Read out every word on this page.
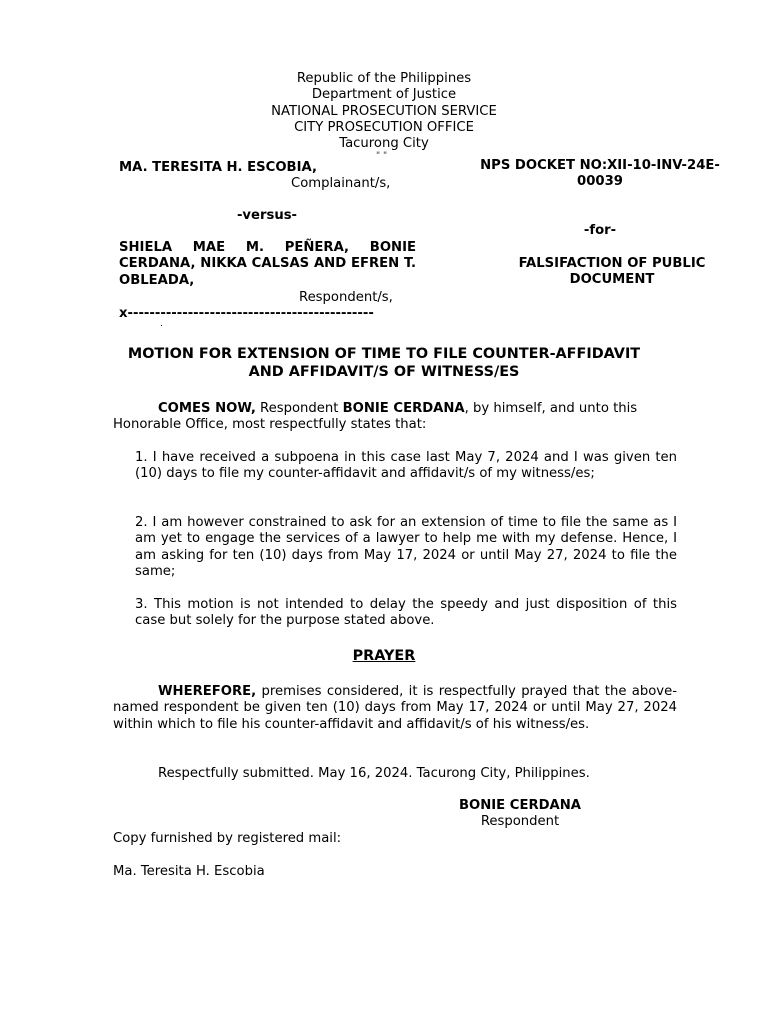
Republic of the Philippines
Department of Justice
NATIONAL PROSECUTION SERVICE
CITY PROSECUTION OFFICE
Tacurong City
" "
MA. TERESITA H. ESCOBIA,
Complainant/s,
-versus-
SHIELA MAE M. PEÑERA, BONIE CERDANA, NIKKA CALSAS AND EFREN T. OBLEADA,
Respondent/s,
x---------------------------------------------
.
NPS DOCKET NO:XII-10-INV-24E-00039
-for-
FALSIFACTION OF PUBLIC DOCUMENT
MOTION FOR EXTENSION OF TIME TO FILE COUNTER-AFFIDAVIT AND AFFIDAVIT/S OF WITNESS/ES
COMES NOW, Respondent BONIE CERDANA, by himself, and unto this Honorable Office, most respectfully states that:
1. I have received a subpoena in this case last May 7, 2024 and I was given ten (10) days to file my counter-affidavit and affidavit/s of my witness/es;
2. I am however constrained to ask for an extension of time to file the same as I am yet to engage the services of a lawyer to help me with my defense. Hence, I am asking for ten (10) days from May 17, 2024 or until May 27, 2024 to file the same;
3. This motion is not intended to delay the speedy and just disposition of this case but solely for the purpose stated above.
PRAYER
WHEREFORE, premises considered, it is respectfully prayed that the above-named respondent be given ten (10) days from May 17, 2024 or until May 27, 2024 within which to file his counter-affidavit and affidavit/s of his witness/es.
Respectfully submitted. May 16, 2024. Tacurong City, Philippines.
BONIE CERDANA
Respondent
Copy furnished by registered mail:
Ma. Teresita H. Escobia
